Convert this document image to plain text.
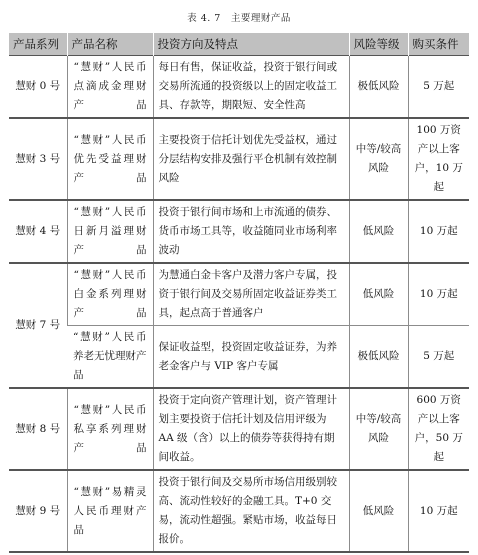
表 4. 7　主要理财产品
产品系列	产品名称	投资方向及特点	风险等级	购买条件
慧财 0 号	“慧财”人民币点滴成金理财产品	每日有售，保证收益，投资于银行间或交易所流通的投资级以上的固定收益工具、存款等，期限短、安全性高	极低风险	5 万起
慧财 3 号	“慧财”人民币优先受益理财产品	主要投资于信托计划优先受益权，通过分层结构安排及强行平仓机制有效控制风险	中等/较高风险	100 万资产以上客户，10 万起
慧财 4 号	“慧财”人民币日新月溢理财产品	投资于银行间市场和上市流通的债券、货币市场工具等，收益随同业市场利率波动	低风险	10 万起
慧财 7 号	“慧财”人民币白金系列理财产品	为慧通白金卡客户及潜力客户专属，投资于银行间及交易所固定收益证券类工具，起点高于普通客户	低风险	10 万起
	“慧财”人民币养老无忧理财产品	保证收益型，投资固定收益证券，为养老金客户与 VIP 客户专属	极低风险	5 万起
慧财 8 号	“慧财”人民币私享系列理财产品	投资于定向资产管理计划，资产管理计划主要投资于信托计划及信用评级为 AA 级（含）以上的债券等获得持有期间收益。	中等/较高风险	600 万资产以上客户，50 万起
慧财 9 号	“慧财”易精灵人民币理财产品	投资于银行间及交易所市场信用级别较高、流动性较好的金融工具。T+0 交易，流动性超强。紧贴市场，收益每日报价。	低风险	10 万起
